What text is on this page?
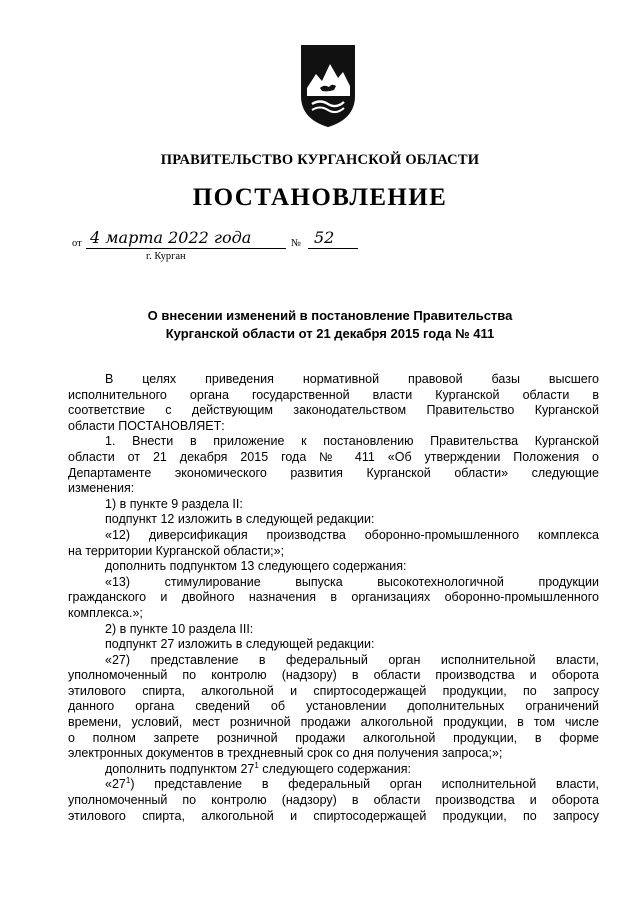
ПРАВИТЕЛЬСТВО КУРГАНСКОЙ ОБЛАСТИ
ПОСТАНОВЛЕНИЕ
от 4 марта 2022 года	№ 52
г. Курган
О внесении изменений в постановление Правительства
Курганской области от 21 декабря 2015 года № 411

В целях приведения нормативной правовой базы высшего

исполнительного органа государственной власти Курганской области в

соответствие с действующим законодательством Правительство Курганской

области ПОСТАНОВЛЯЕТ:

1. Внести в приложение к постановлению Правительства Курганской

области от 21 декабря 2015 года № 411 «Об утверждении Положения о

Департаменте экономического развития Курганской области» следующие

изменения:

1) в пункте 9 раздела II:

подпункт 12 изложить в следующей редакции:

«12) диверсификация производства оборонно-промышленного комплекса

на территории Курганской области;»;

дополнить подпунктом 13 следующего содержания:

«13) стимулирование выпуска высокотехнологичной продукции

гражданского и двойного назначения в организациях оборонно-промышленного

комплекса.»;

2) в пункте 10 раздела III:

подпункт 27 изложить в следующей редакции:

«27) представление в федеральный орган исполнительной власти,

уполномоченный по контролю (надзору) в области производства и оборота

этилового спирта, алкогольной и спиртосодержащей продукции, по запросу

данного органа сведений об установлении дополнительных ограничений

времени, условий, мест розничной продажи алкогольной продукции, в том числе

о полном запрете розничной продажи алкогольной продукции, в форме

электронных документов в трехдневный срок со дня получения запроса;»;

дополнить подпунктом $27^1$ следующего содержания:

«$27^1$) представление в федеральный орган исполнительной власти,

уполномоченный по контролю (надзору) в области производства и оборота

этилового спирта, алкогольной и спиртосодержащей продукции, по запросу
